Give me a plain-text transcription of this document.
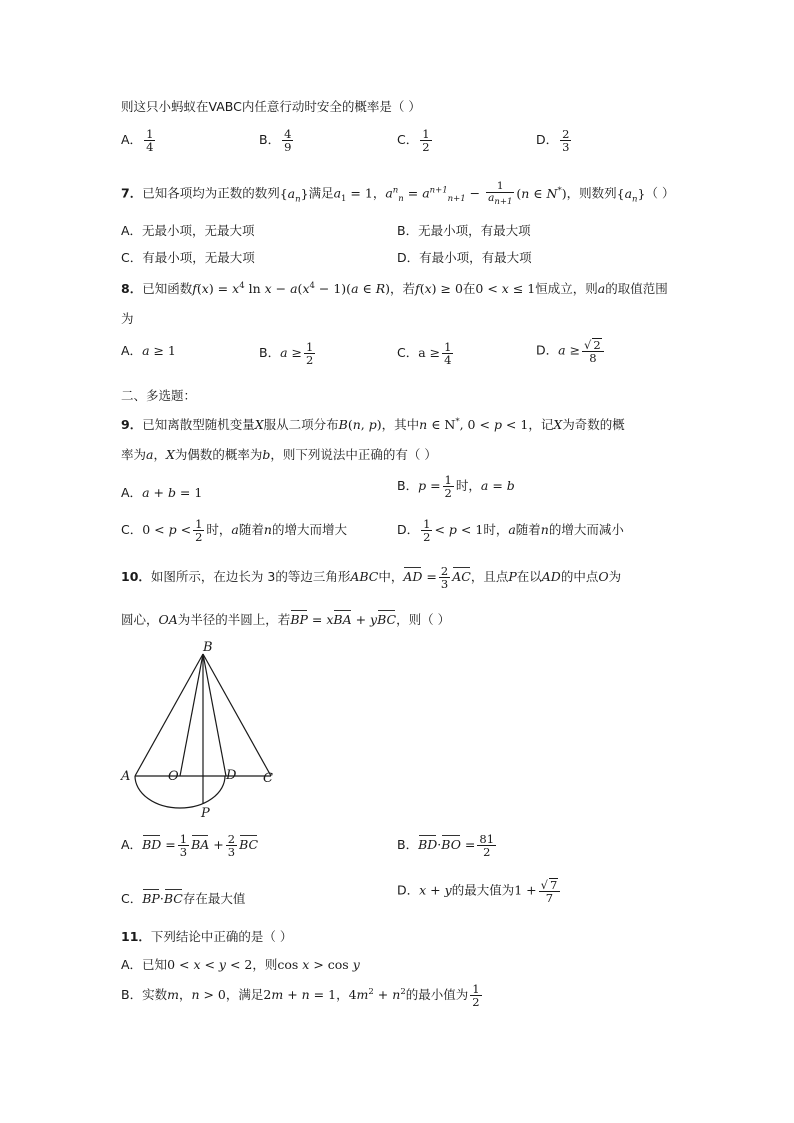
则这只小蚂蚁在VABC内任意行动时安全的概率是（ ）
A． $\frac{1}{4}$	B． $\frac{4}{9}$	C． $\frac{1}{2}$	D． $\frac{2}{3}$
7．已知各项均为正数的数列$\{a_n\}$满足$a_1 = 1$，$a^n_n = a^{n+1}_{n+1} - \frac{1}{a_{n+1}} (n$ ∈ N*)，则数列$\{a_n\}$（ ）
A．无最小项，无最大项	B．无最小项，有最大项
C．有最小项，无最大项	D．有最小项，有最大项
8．已知函数$f(x) = x^4$ $\ln x - a(x^4 - 1)(a$ ∈ R)，若f(x) ≥ 0在0 < x ≤ 1恒成立，则a的取值范围
为
A．a ≥ 1	B．$a \ge \frac{1}{2}$	C．$a \ge \frac{1}{4}$	D．$a \ge \frac{√ 2}{8}$
二、多选题：
9．已知离散型随机变量X服从二项分布B(n, p)，其中n ∈ N*, 0 < p < 1，记X为奇数的概
率为a，X为偶数的概率为b，则下列说法中正确的有（ ）
A．a + b = 1	B．$p = \frac{1}{2}$ 时，a = b
C．$0 < p < \frac{1}{2}$ 时，a随着n的增大而增大	D． $\frac{1}{2} < p < 1$时，a随着n的增大而减小
10．如图所示，在边长为 3的等边三角形ABC中，AD = $\frac{2}{3}$ AC，且点P在以AD的中点O为
圆心，OA为半径的半圆上，若BP = xBA + yBC，则（ ）
B
A	O	D C
P
A．BD = $\frac{1}{3}$ BA + $\frac{2}{3}$ BC	B．$BD\cdot BO = \frac{81}{2}$
C．BP·BC存在最大值
D．x + y的最大值为$1 + \frac{√ 7}{7}$
11．下列结论中正确的是（ ）
A．已知0 < x < y < 2，则cos x > cos y
B．实数m，n > 0，满足2m + n = 1，$4m^2 + n^2$的最小值为 $\frac{1}{2}$
